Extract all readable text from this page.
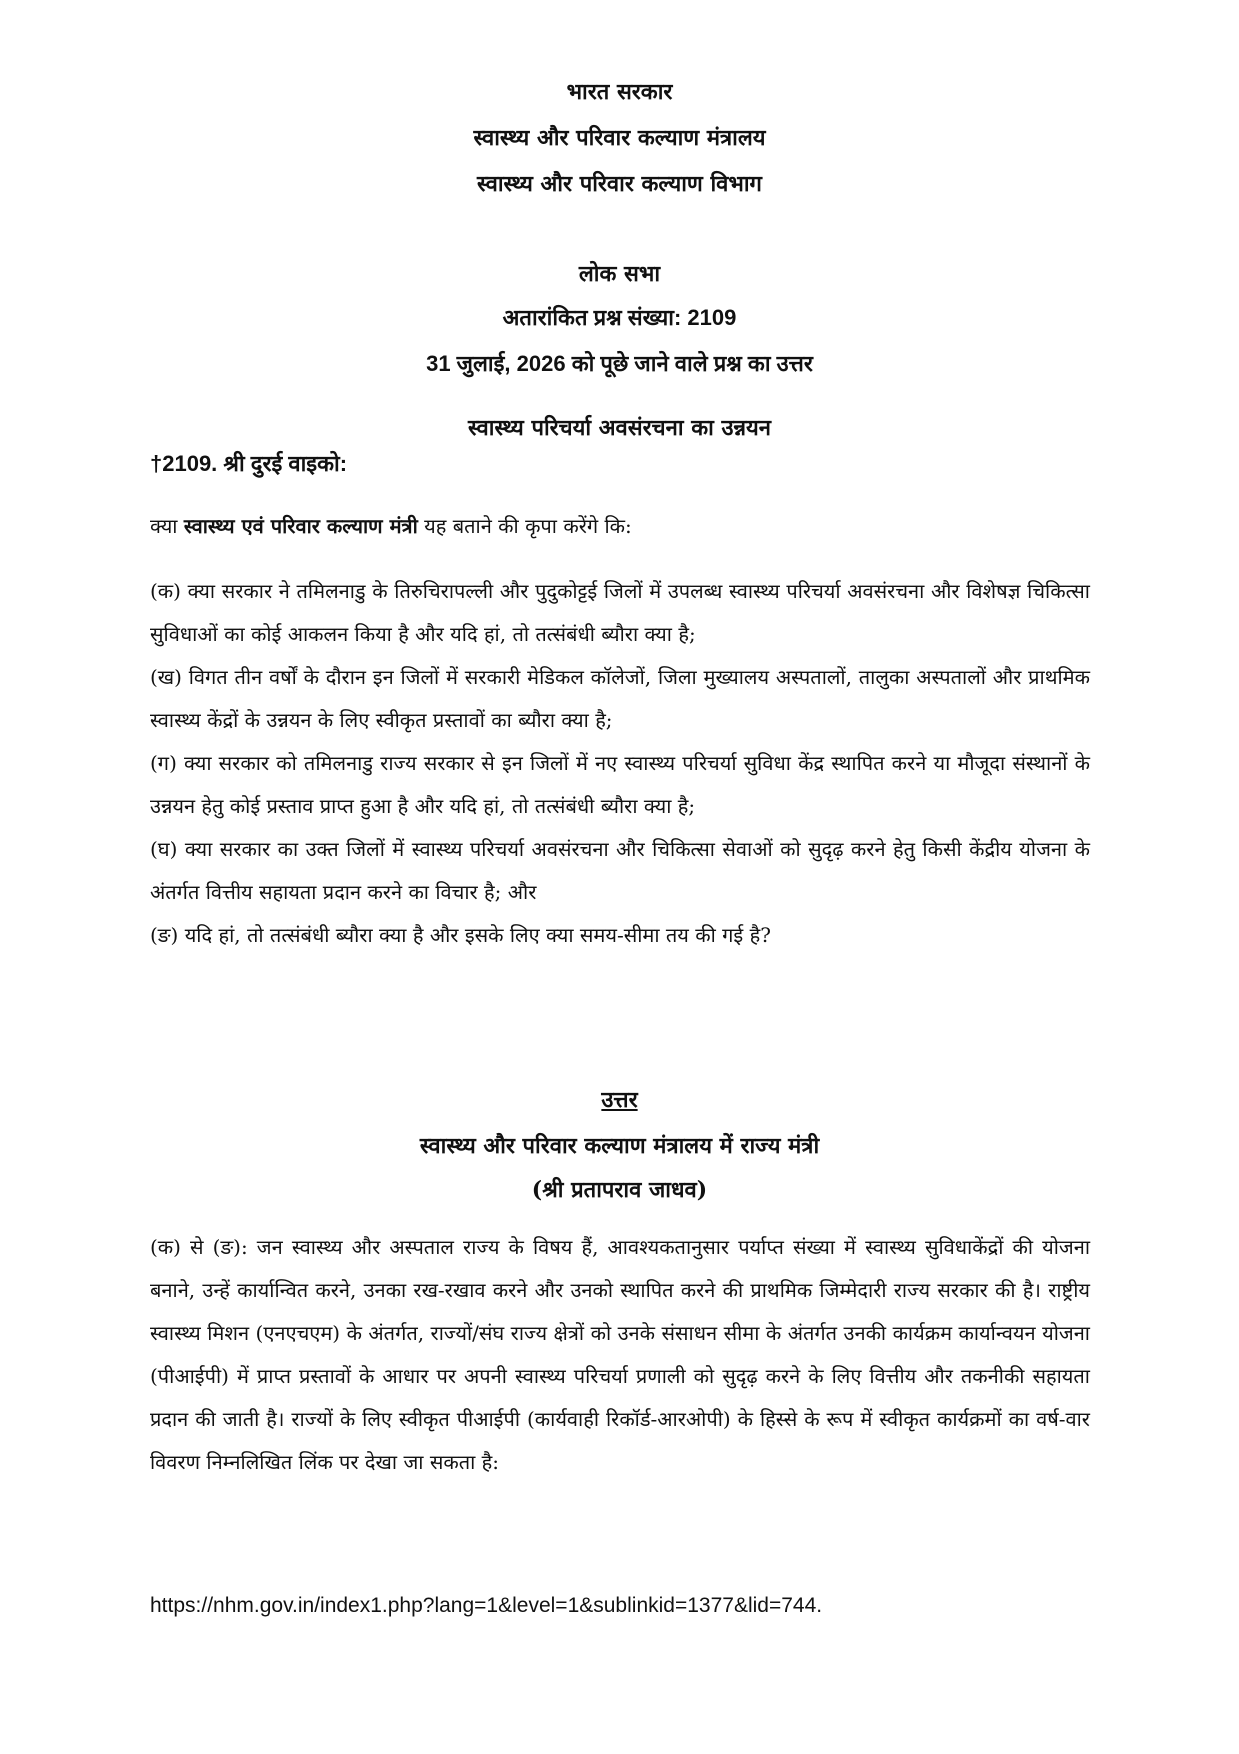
भारत सरकार
स्वास्थ्य और परिवार कल्याण मंत्रालय
स्वास्थ्य और परिवार कल्याण विभाग
लोक सभा
अतारांकित प्रश्न संख्या: 2109
31 जुलाई, 2026 को पूछे जाने वाले प्रश्न का उत्तर
स्वास्थ्य परिचर्या अवसंरचना का उन्नयन
†2109. श्री दुरई वाइको:
क्या स्वास्थ्य एवं परिवार कल्याण मंत्री यह बताने की कृपा करेंगे कि:
(क) क्या सरकार ने तमिलनाडु के तिरुचिरापल्ली और पुदुकोट्टई जिलों में उपलब्ध स्वास्थ्य परिचर्या अवसंरचना और विशेषज्ञ चिकित्सा सुविधाओं का कोई आकलन किया है और यदि हां, तो तत्संबंधी ब्यौरा क्या है;
(ख) विगत तीन वर्षों के दौरान इन जिलों में सरकारी मेडिकल कॉलेजों, जिला मुख्यालय अस्पतालों, तालुका अस्पतालों और प्राथमिक स्वास्थ्य केंद्रों के उन्नयन के लिए स्वीकृत प्रस्तावों का ब्यौरा क्या है;
(ग) क्या सरकार को तमिलनाडु राज्य सरकार से इन जिलों में नए स्वास्थ्य परिचर्या सुविधा केंद्र स्थापित करने या मौजूदा संस्थानों के उन्नयन हेतु कोई प्रस्ताव प्राप्त हुआ है और यदि हां, तो तत्संबंधी ब्यौरा क्या है;
(घ) क्या सरकार का उक्त जिलों में स्वास्थ्य परिचर्या अवसंरचना और चिकित्सा सेवाओं को सुदृढ़ करने हेतु किसी केंद्रीय योजना के अंतर्गत वित्तीय सहायता प्रदान करने का विचार है; और
(ङ) यदि हां, तो तत्संबंधी ब्यौरा क्या है और इसके लिए क्या समय-सीमा तय की गई है?
उत्तर
स्वास्थ्य और परिवार कल्याण मंत्रालय में राज्य मंत्री
(श्री प्रतापराव जाधव)
(क) से (ङ): जन स्वास्थ्य और अस्पताल राज्य के विषय हैं, आवश्यकतानुसार पर्याप्त संख्या में स्वास्थ्य सुविधाकेंद्रों की योजना बनाने, उन्हें कार्यान्वित करने, उनका रख-रखाव करने और उनको स्थापित करने की प्राथमिक जिम्मेदारी राज्य सरकार की है। राष्ट्रीय स्वास्थ्य मिशन (एनएचएम) के अंतर्गत, राज्यों/संघ राज्य क्षेत्रों को उनके संसाधन सीमा के अंतर्गत उनकी कार्यक्रम कार्यान्वयन योजना (पीआईपी) में प्राप्त प्रस्तावों के आधार पर अपनी स्वास्थ्य परिचर्या प्रणाली को सुदृढ़ करने के लिए वित्तीय और तकनीकी सहायता प्रदान की जाती है। राज्यों के लिए स्वीकृत पीआईपी (कार्यवाही रिकॉर्ड-आरओपी) के हिस्से के रूप में स्वीकृत कार्यक्रमों का वर्ष-वार विवरण निम्नलिखित लिंक पर देखा जा सकता है:
https://nhm.gov.in/index1.php?lang=1&level=1&sublinkid=1377&lid=744.
